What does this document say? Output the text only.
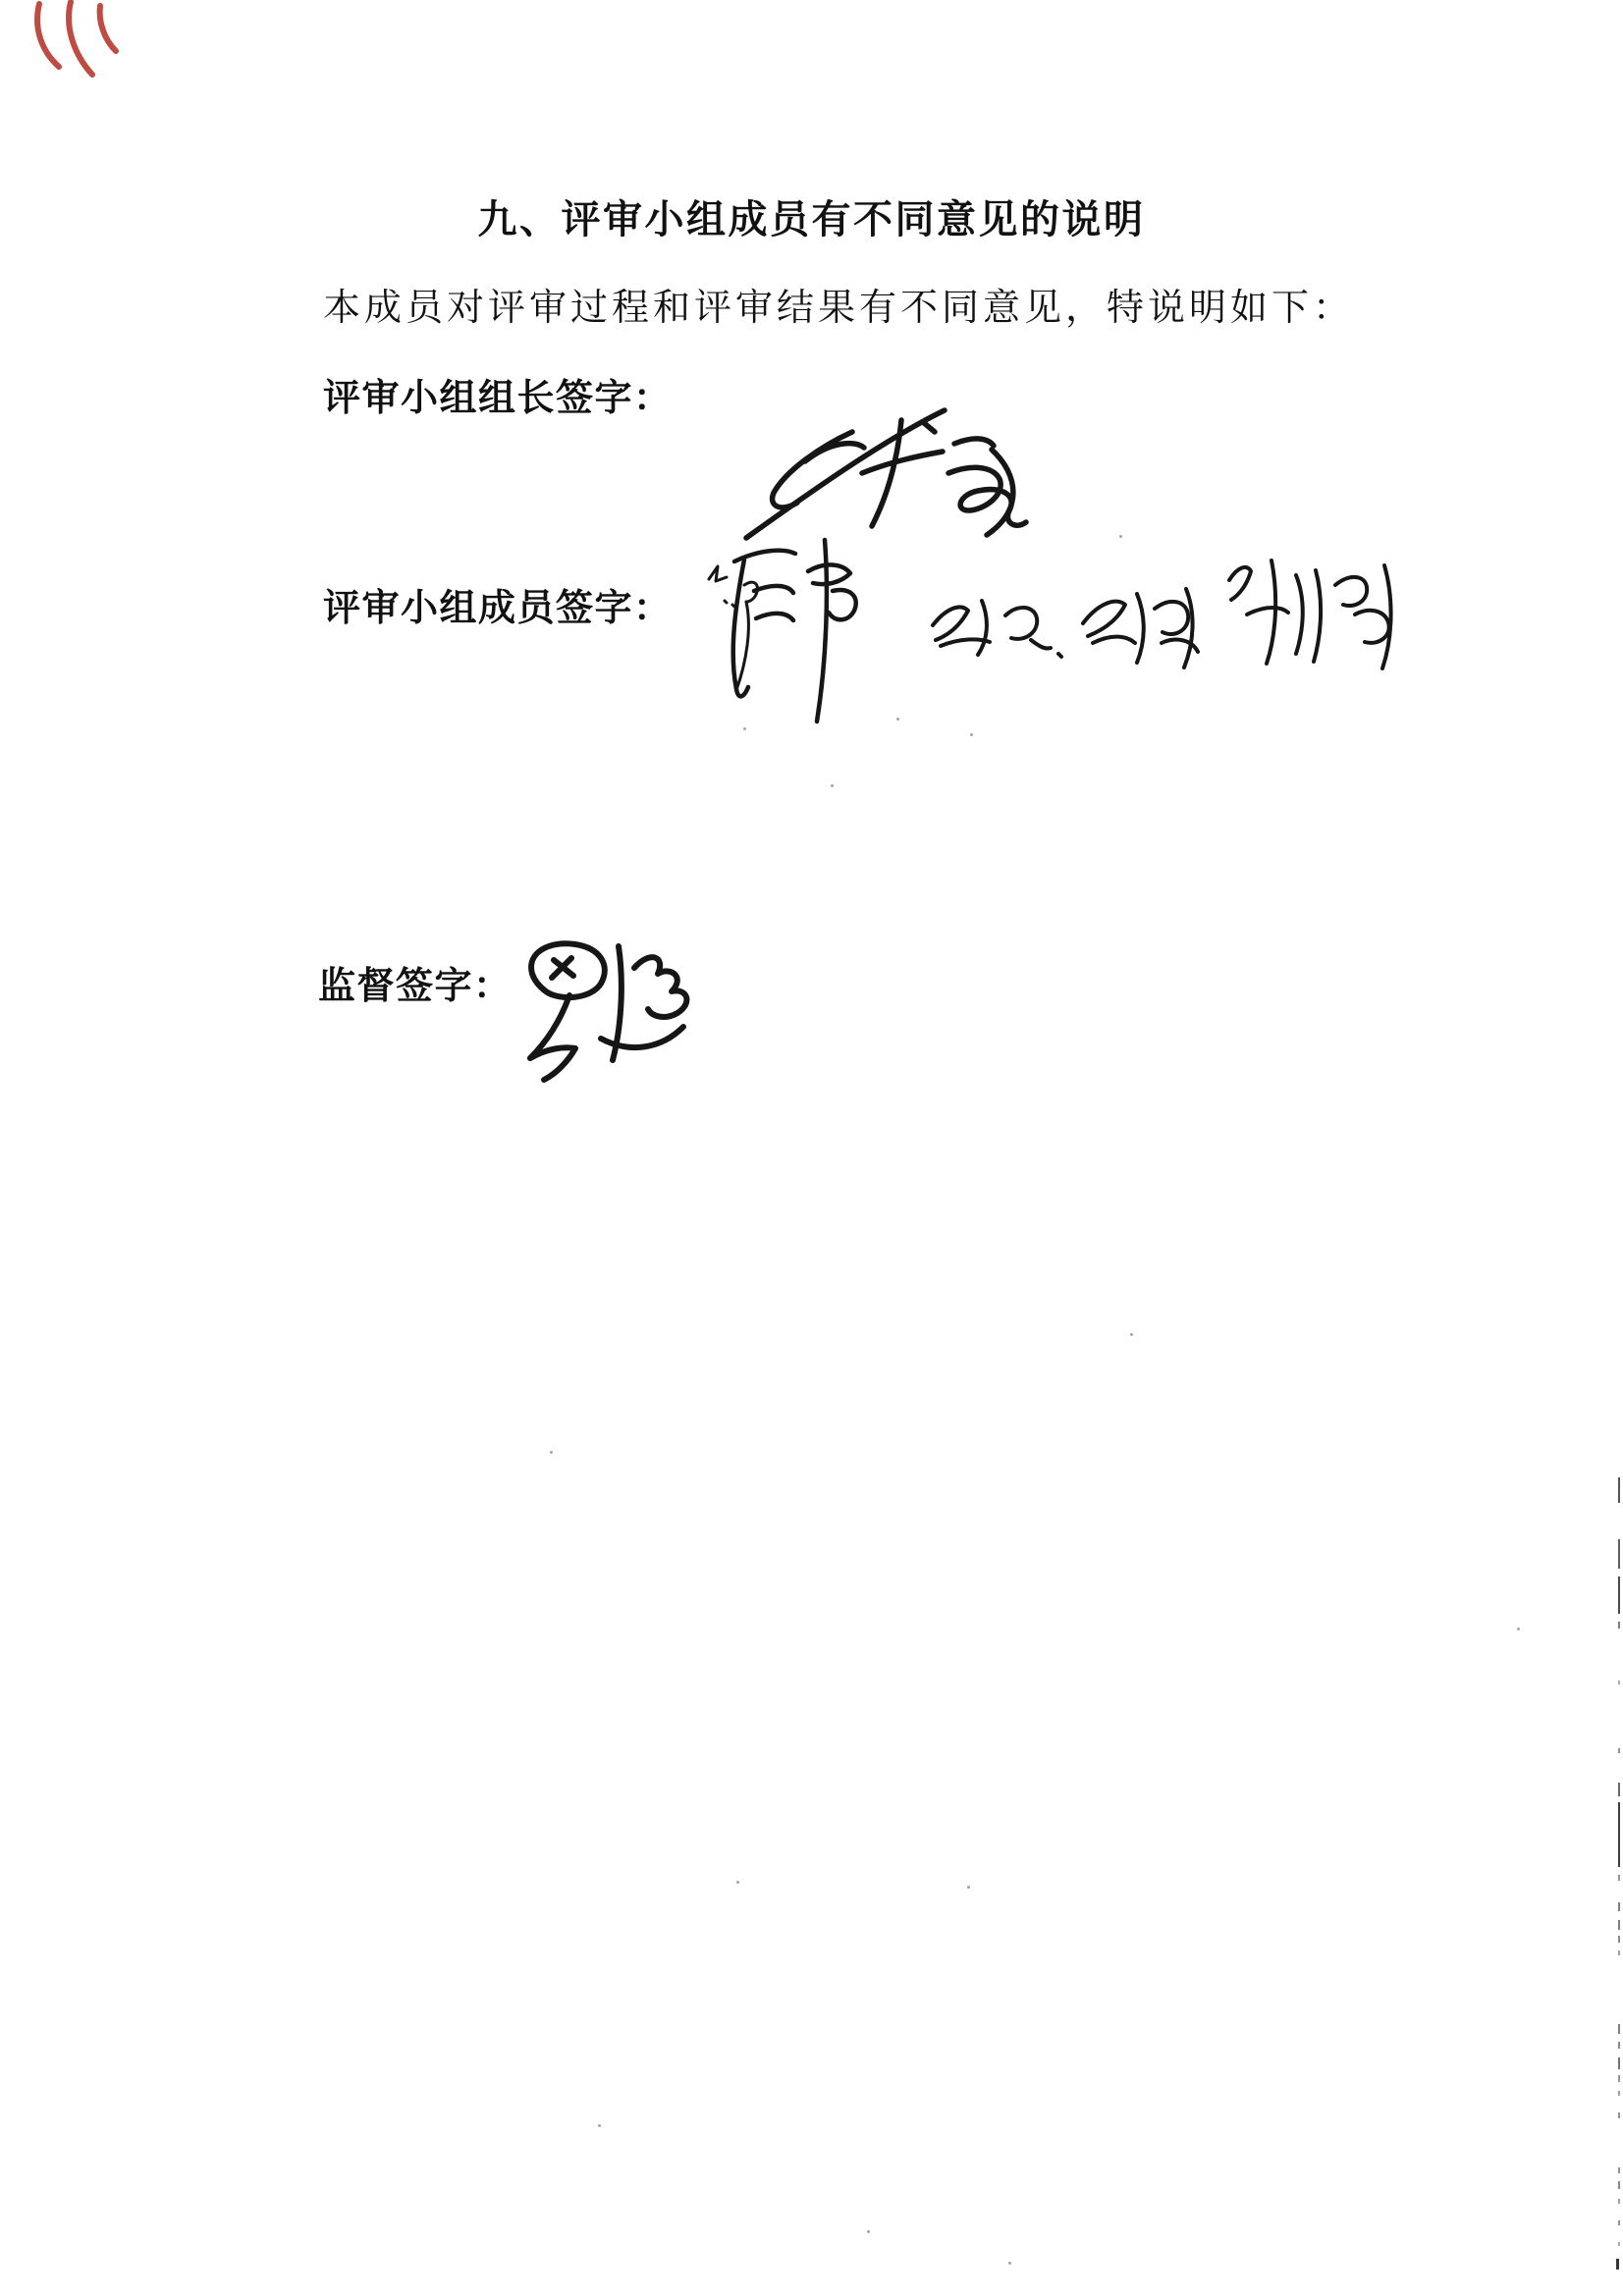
九、评审小组成员有不同意见的说明
本成员对评审过程和评审结果有不同意见，特说明如下：
评审小组组长签字：
评审小组成员签字：
监督签字：
